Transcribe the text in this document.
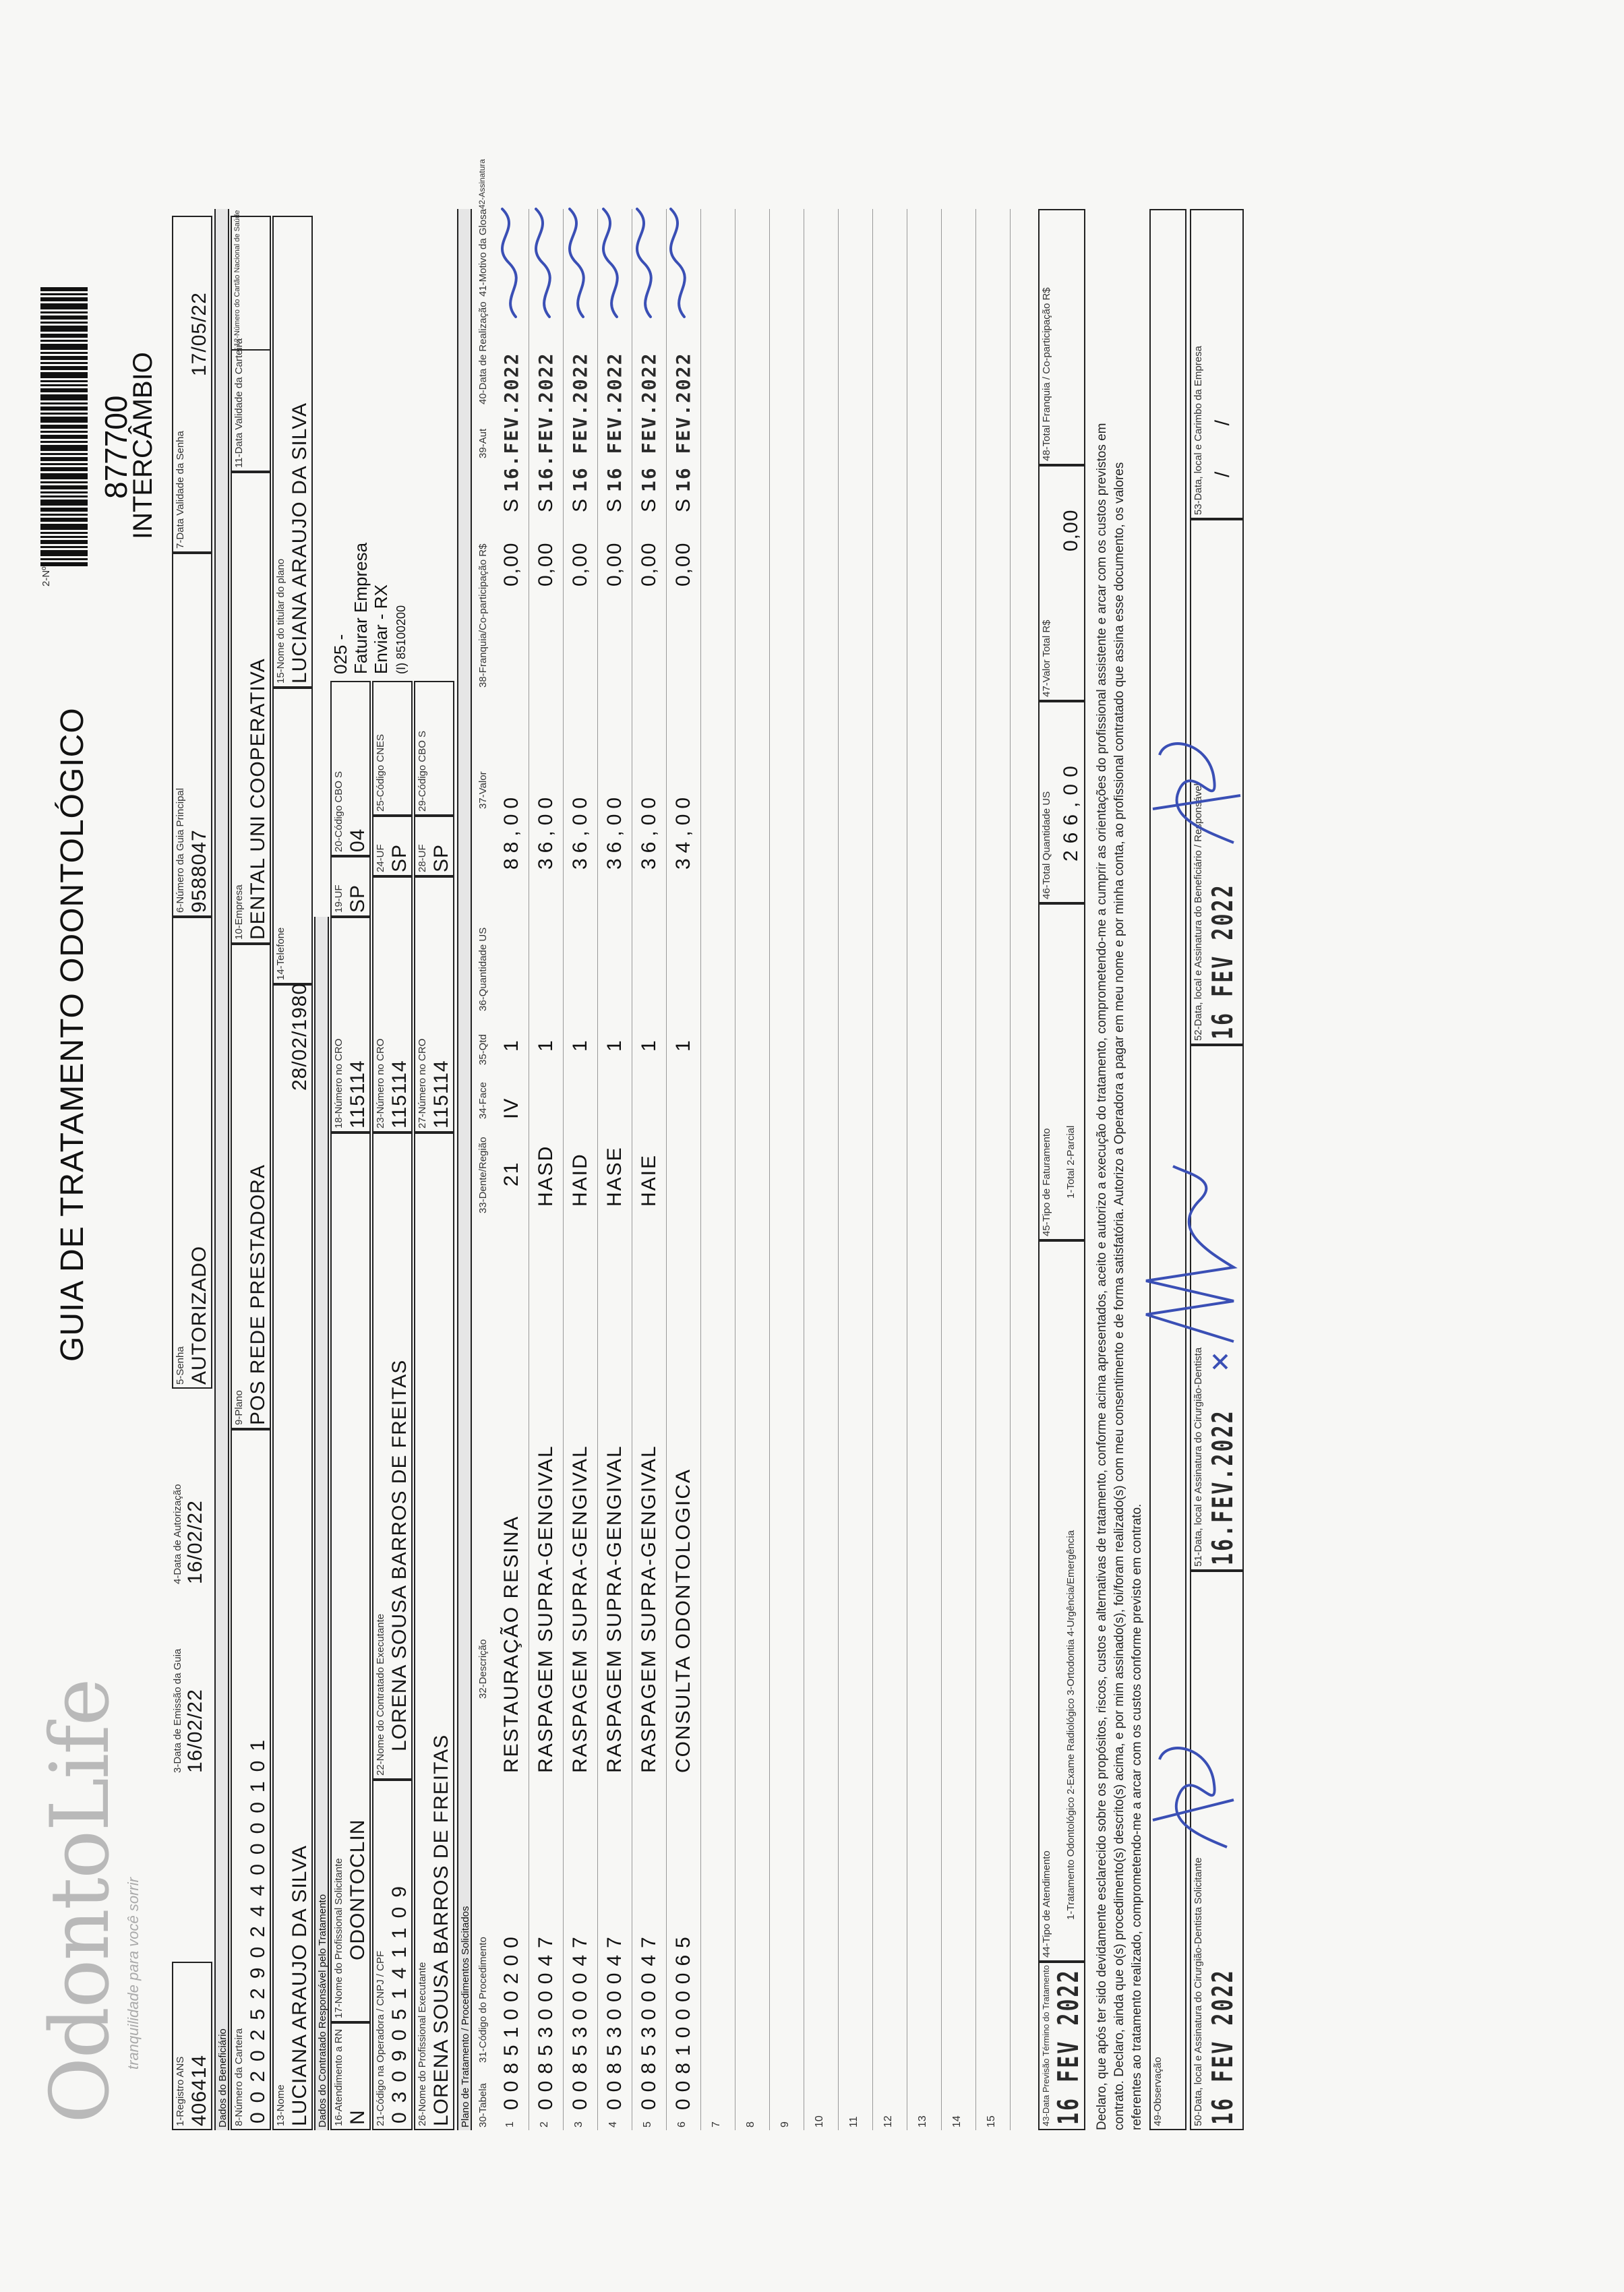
OdontoLife
tranquilidade para você sorrir
GUIA DE TRATAMENTO ODONTOLÓGICO
2-Nº
877700
INTERCÂMBIO
1-Registro ANS 406414
3-Data de Emissão da Guia
16/02/22
4-Data de Autorização
16/02/22
5-Senha AUTORIZADO
6-Número da Guia Principal 9588047
7-Data Validade da Senha
17/05/22
Dados do Beneficiário 8-Número da Carteira 0020252902440000101
9-Plano POS REDE PRESTADORA
10-Empresa DENTAL UNI COOPERATIVA
11-Data Validade da Carteira
12-Número do Cartão Nacional de Saúde
13-Nome LUCIANA ARAUJO DA SILVA
28/02/1980
14-Telefone
15-Nome do titular do plano LUCIANA ARAUJO DA SILVA
Dados do Contratado Responsável pelo Tratamento 16-Atendimento a RN N
17-Nome do Profissional Solicitante ODONTOCLIN
18-Número no CRO 115114
19-UF SP
20-Código CBO S 04
025 - Faturar Empresa Enviar - RX (I) 85100200
21-Código na Operadora / CNPJ / CPF 030905141109
22-Nome do Contratado Executante LORENA SOUSA BARROS DE FREITAS
23-Número no CRO 115114
24-UF SP
25-Código CNES
26-Nome do Profissional Executante LORENA SOUSA BARROS DE FREITAS
27-Número no CRO 115114
28-UF SP
29-Código CBO S
Plano de Tratamento / Procedimentos Solicitados 30-Tabela
31-Código do Procedimento
32-Descrição
33-Dente/Região
34-Face
35-Qtd
36-Quantidade US
37-Valor
38-Franquia/Co-participação R$
39-Aut
40-Data de Realização
41-Motivo da Glosa
42-Assinatura
1
0085100200
RESTAURAÇÃO RESINA
21
IV
1
88,00
0,00
S
16.FEV.2022
2
0085300047
RASPAGEM SUPRA-GENGIVAL
HASD
1
36,00
0,00
S
16.FEV.2022
3
0085300047
RASPAGEM SUPRA-GENGIVAL
HAID
1
36,00
0,00
S
16 FEV.2022
4
0085300047
RASPAGEM SUPRA-GENGIVAL
HASE
1
36,00
0,00
S
16 FEV.2022
5
0085300047
RASPAGEM SUPRA-GENGIVAL
HAIE
1
36,00
0,00
S
16 FEV.2022
6
0081000065
CONSULTA ODONTOLOGICA
1
34,00
0,00
S
16 FEV.2022
7 8 9 10 11 12 13 14 15	43-Data Previsão Término do Tratamento 16 FEV 2022
44-Tipo de Atendimento 1-Tratamento Odontológico 2-Exame Radiológico 3-Ortodontia 4-Urgência/Emergência
45-Tipo de Faturamento 1-Total 2-Parcial
46-Total Quantidade US 266,00
47-Valor Total R$
0,00
48-Total Franquia / Co-participação R$
Declaro, que após ter sido devidamente esclarecido sobre os propósitos, riscos, custos e alternativas de tratamento, conforme acima apresentados, aceito e autorizo a execução do tratamento, comprometendo-me a cumprir as orientações do profissional assistente e arcar com os custos previstos em contrato. Declaro, ainda que o(s) procedimento(s) descrito(s) acima, e por mim assinado(s), foi/foram realizado(s) com meu consentimento e de forma satisfatória. Autorizo a Operadora a pagar em meu nome e por minha conta, ao profissional contratado que assina esse documento, os valores referentes ao tratamento realizado, comprometendo-me a arcar com os custos conforme previsto em contrato. 49-Observação	50-Data, local e Assinatura do Cirurgião-Dentista Solicitante 16 FEV 2022
51-Data, local e Assinatura do Cirurgião-Dentista 16.FEV.2022
52-Data, local e Assinatura do Beneficiário / Responsável 16 FEV 2022
53-Data, local e Carimbo da Empresa / /
